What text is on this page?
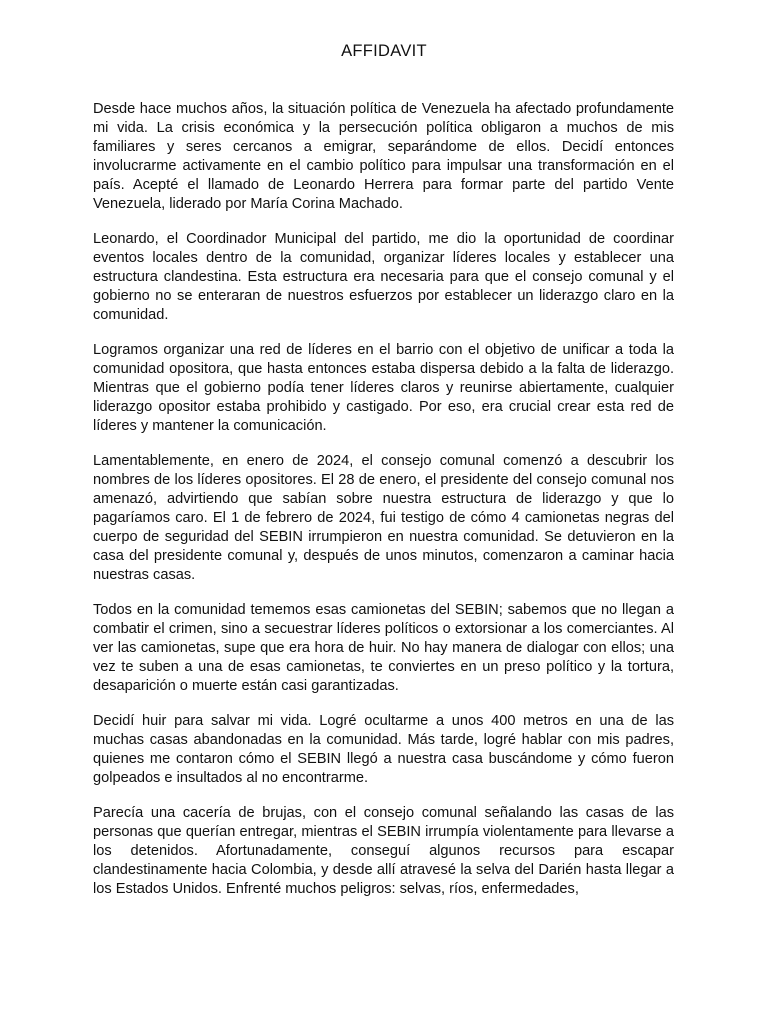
AFFIDAVIT

Desde hace muchos años, la situación política de Venezuela ha afectado profundamente mi vida. La crisis económica y la persecución política obligaron a muchos de mis familiares y seres cercanos a emigrar, separándome de ellos. Decidí entonces involucrarme activamente en el cambio político para impulsar una transformación en el país. Acepté el llamado de Leonardo Herrera para formar parte del partido Vente Venezuela, liderado por María Corina Machado.

Leonardo, el Coordinador Municipal del partido, me dio la oportunidad de coordinar eventos locales dentro de la comunidad, organizar líderes locales y establecer una estructura clandestina. Esta estructura era necesaria para que el consejo comunal y el gobierno no se enteraran de nuestros esfuerzos por establecer un liderazgo claro en la comunidad.

Logramos organizar una red de líderes en el barrio con el objetivo de unificar a toda la comunidad opositora, que hasta entonces estaba dispersa debido a la falta de liderazgo. Mientras que el gobierno podía tener líderes claros y reunirse abiertamente, cualquier liderazgo opositor estaba prohibido y castigado. Por eso, era crucial crear esta red de líderes y mantener la comunicación.

Lamentablemente, en enero de 2024, el consejo comunal comenzó a descubrir los nombres de los líderes opositores. El 28 de enero, el presidente del consejo comunal nos amenazó, advirtiendo que sabían sobre nuestra estructura de liderazgo y que lo pagaríamos caro. El 1 de febrero de 2024, fui testigo de cómo 4 camionetas negras del cuerpo de seguridad del SEBIN irrumpieron en nuestra comunidad. Se detuvieron en la casa del presidente comunal y, después de unos minutos, comenzaron a caminar hacia nuestras casas.

Todos en la comunidad tememos esas camionetas del SEBIN; sabemos que no llegan a combatir el crimen, sino a secuestrar líderes políticos o extorsionar a los comerciantes. Al ver las camionetas, supe que era hora de huir. No hay manera de dialogar con ellos; una vez te suben a una de esas camionetas, te conviertes en un preso político y la tortura, desaparición o muerte están casi garantizadas.

Decidí huir para salvar mi vida. Logré ocultarme a unos 400 metros en una de las muchas casas abandonadas en la comunidad. Más tarde, logré hablar con mis padres, quienes me contaron cómo el SEBIN llegó a nuestra casa buscándome y cómo fueron golpeados e insultados al no encontrarme.

Parecía una cacería de brujas, con el consejo comunal señalando las casas de las personas que querían entregar, mientras el SEBIN irrumpía violentamente para llevarse a los detenidos. Afortunadamente, conseguí algunos recursos para escapar clandestinamente hacia Colombia, y desde allí atravesé la selva del Darién hasta llegar a los Estados Unidos. Enfrenté muchos peligros: selvas, ríos, enfermedades,
